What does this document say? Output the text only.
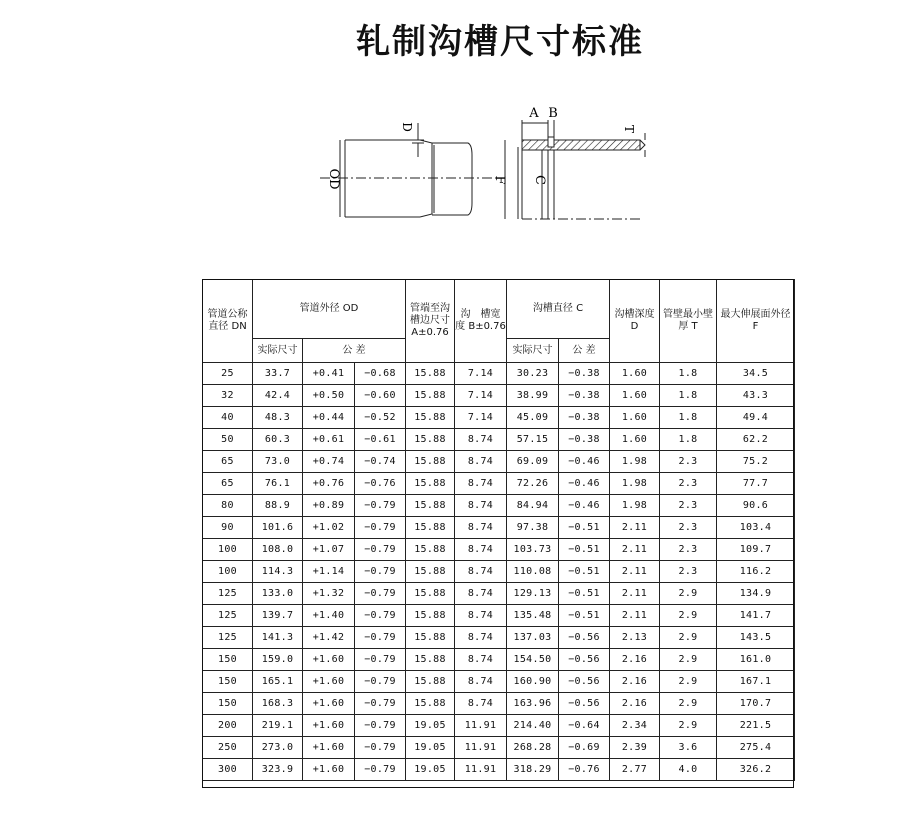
轧制沟槽尺寸标准
OD
D
A B
F C
T
管道公称直径 DN	管道外径 OD			管端至沟槽边尺寸 A±0.76	沟　槽宽　度 B±0.76	沟槽直径 C		沟槽深度 D	管壁最小壁厚 T	最大伸展面外径 F
	实际尺寸	公 差				实际尺寸	公 差			
25	33.7	+0.41	−0.68	15.88	7.14	30.23	−0.38	1.60	1.8	34.5
32	42.4	+0.50	−0.60	15.88	7.14	38.99	−0.38	1.60	1.8	43.3
40	48.3	+0.44	−0.52	15.88	7.14	45.09	−0.38	1.60	1.8	49.4
50	60.3	+0.61	−0.61	15.88	8.74	57.15	−0.38	1.60	1.8	62.2
65	73.0	+0.74	−0.74	15.88	8.74	69.09	−0.46	1.98	2.3	75.2
65	76.1	+0.76	−0.76	15.88	8.74	72.26	−0.46	1.98	2.3	77.7
80	88.9	+0.89	−0.79	15.88	8.74	84.94	−0.46	1.98	2.3	90.6
90	101.6	+1.02	−0.79	15.88	8.74	97.38	−0.51	2.11	2.3	103.4
100	108.0	+1.07	−0.79	15.88	8.74	103.73	−0.51	2.11	2.3	109.7
100	114.3	+1.14	−0.79	15.88	8.74	110.08	−0.51	2.11	2.3	116.2
125	133.0	+1.32	−0.79	15.88	8.74	129.13	−0.51	2.11	2.9	134.9
125	139.7	+1.40	−0.79	15.88	8.74	135.48	−0.51	2.11	2.9	141.7
125	141.3	+1.42	−0.79	15.88	8.74	137.03	−0.56	2.13	2.9	143.5
150	159.0	+1.60	−0.79	15.88	8.74	154.50	−0.56	2.16	2.9	161.0
150	165.1	+1.60	−0.79	15.88	8.74	160.90	−0.56	2.16	2.9	167.1
150	168.3	+1.60	−0.79	15.88	8.74	163.96	−0.56	2.16	2.9	170.7
200	219.1	+1.60	−0.79	19.05	11.91	214.40	−0.64	2.34	2.9	221.5
250	273.0	+1.60	−0.79	19.05	11.91	268.28	−0.69	2.39	3.6	275.4
300	323.9	+1.60	−0.79	19.05	11.91	318.29	−0.76	2.77	4.0	326.2
